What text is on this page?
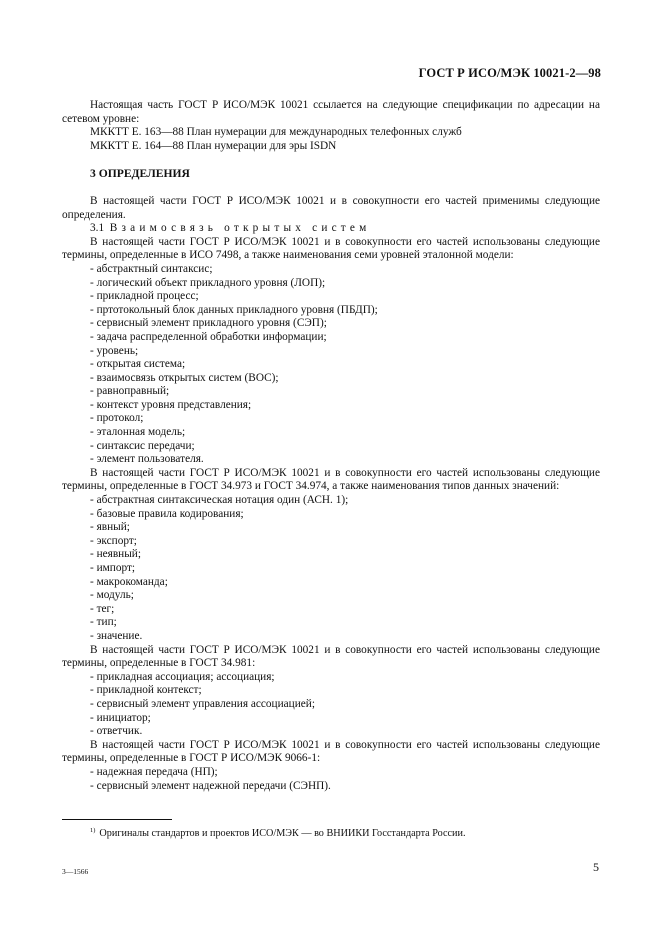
ГОСТ Р ИСО/МЭК 10021-2—98

Настоящая часть ГОСТ Р ИСО/МЭК 10021 ссылается на следующие спецификации по адресации на сетевом уровне:

МККТТ Е. 163—88 План нумерации для международных телефонных служб

МККТТ Е. 164—88 План нумерации для эры ISDN

3 ОПРЕДЕЛЕНИЯ

В настоящей части ГОСТ Р ИСО/МЭК 10021 и в совокупности его частей применимы следующие определения.

3.1 Взаимосвязь открытых систем

В настоящей части ГОСТ Р ИСО/МЭК 10021 и в совокупности его частей использованы следующие термины, определенные в ИСО 7498, а также наименования семи уровней эталонной модели:

- абстрактный синтаксис;

- логический объект прикладного уровня (ЛОП);

- прикладной процесс;

- пртотокольный блок данных прикладного уровня (ПБДП);

- сервисный элемент прикладного уровня (СЭП);

- задача распределенной обработки информации;

- уровень;

- открытая система;

- взаимосвязь открытых систем (ВОС);

- равноправный;

- контекст уровня представления;

- протокол;

- эталонная модель;

- синтаксис передачи;

- элемент пользователя.

В настоящей части ГОСТ Р ИСО/МЭК 10021 и в совокупности его частей использованы следующие термины, определенные в ГОСТ 34.973 и ГОСТ 34.974, а также наименования типов данных значений:

- абстрактная синтаксическая нотация один (АСН. 1);

- базовые правила кодирования;

- явный;

- экспорт;

- неявный;

- импорт;

- макрокоманда;

- модуль;

- тег;

- тип;

- значение.

В настоящей части ГОСТ Р ИСО/МЭК 10021 и в совокупности его частей использованы следующие термины, определенные в ГОСТ 34.981:

- прикладная ассоциация; ассоциация;

- прикладной контекст;

- сервисный элемент управления ассоциацией;

- инициатор;

- ответчик.

В настоящей части ГОСТ Р ИСО/МЭК 10021 и в совокупности его частей использованы следующие термины, определенные в ГОСТ Р ИСО/МЭК 9066-1:

- надежная передача (НП);

- сервисный элемент надежной передачи (СЭНП).

$^{1)}$ Оригиналы стандартов и проектов ИСО/МЭК — во ВНИИКИ Госстандарта России.
3—1566	5
